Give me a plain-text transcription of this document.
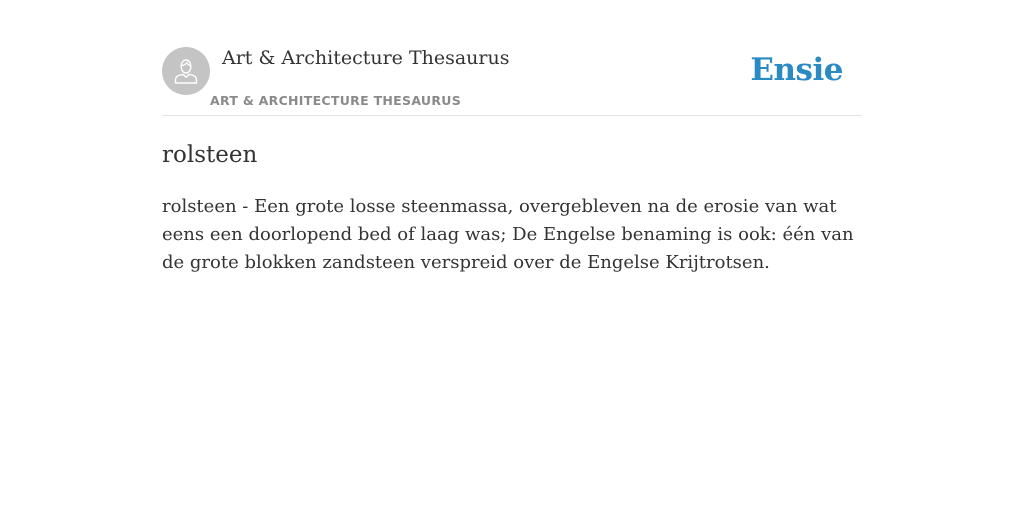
Art & Architecture Thesaurus
ART & ARCHITECTURE THESAURUS
Ensie
rolsteen

rolsteen - Een grote losse steenmassa, overgebleven na de erosie van wat eens een doorlopend bed of laag was; De Engelse benaming is ook: één van de grote blokken zandsteen verspreid over de Engelse Krijtrotsen.
